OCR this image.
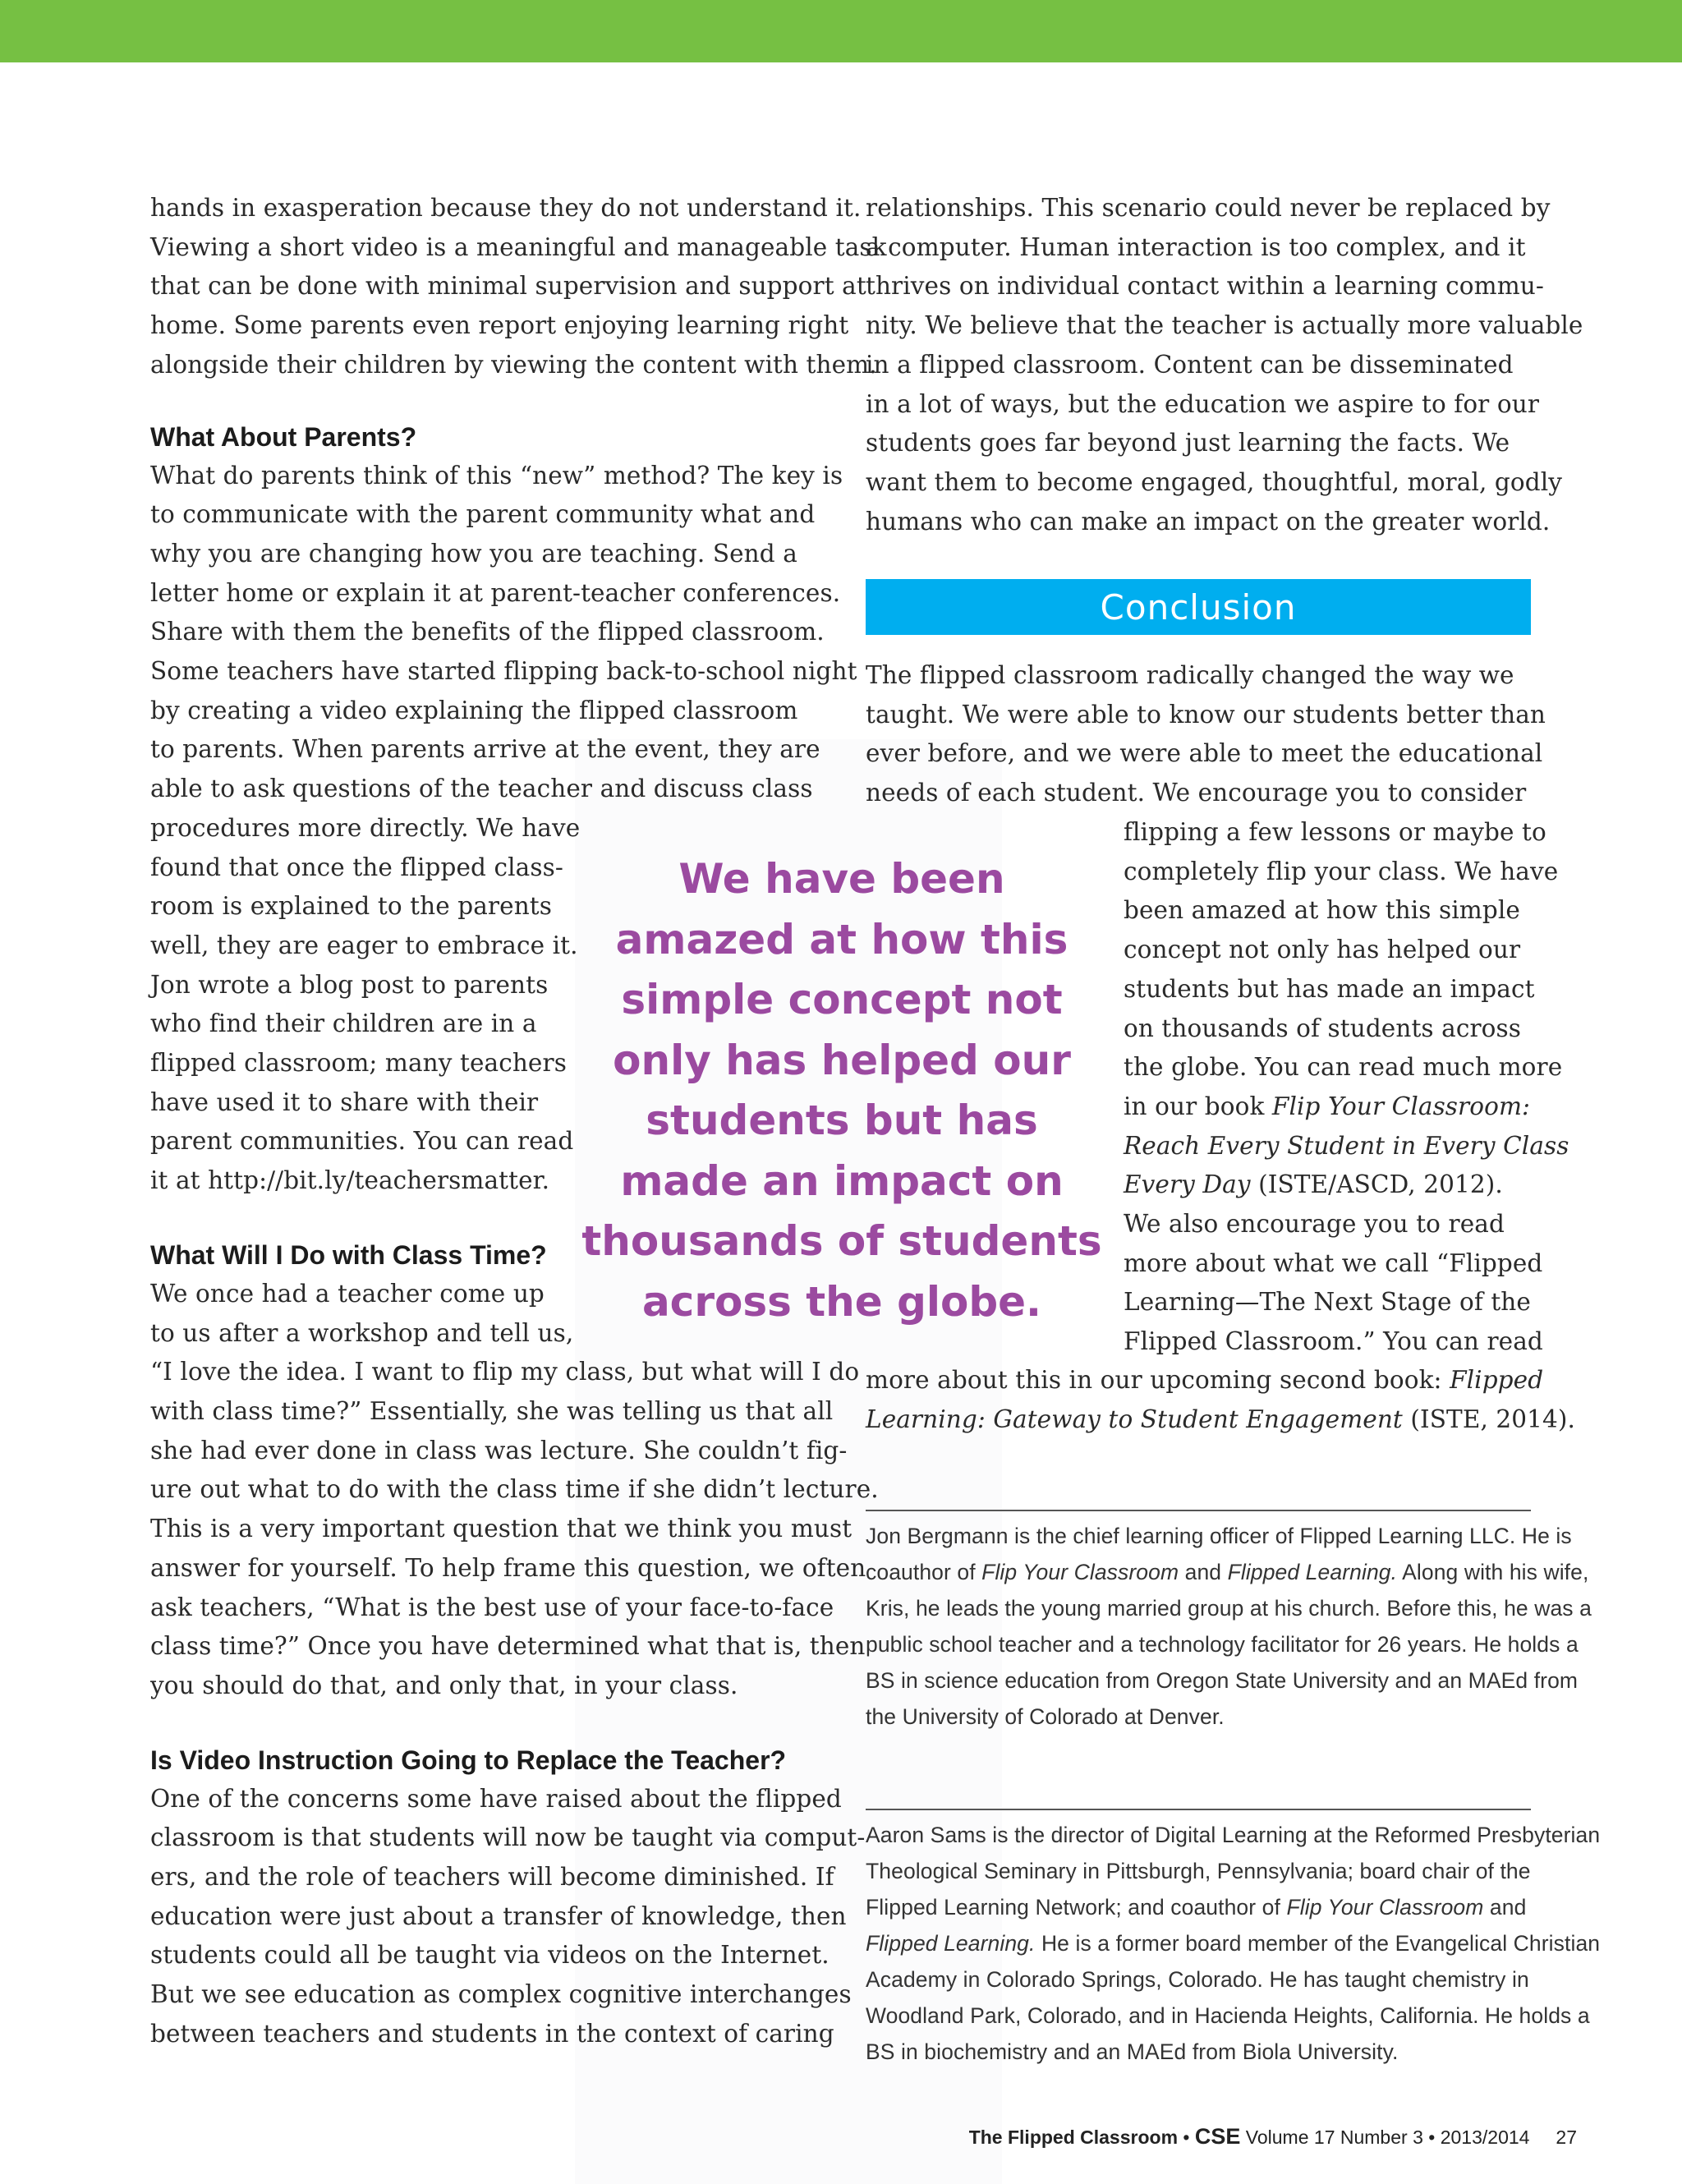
hands in exasperation because they do not understand it.

Viewing a short video is a meaningful and manageable task

that can be done with minimal supervision and support at

home. Some parents even report enjoying learning right

alongside their children by viewing the content with them.

What About Parents?

What do parents think of this “new” method? The key is

to communicate with the parent community what and

why you are changing how you are teaching. Send a

letter home or explain it at parent-teacher conferences.

Share with them the benefits of the flipped classroom.

Some teachers have started flipping back-to-school night

by creating a video explaining the flipped classroom

to parents. When parents arrive at the event, they are

able to ask questions of the teacher and discuss class

procedures more directly. We have

found that once the flipped class-

room is explained to the parents

well, they are eager to embrace it.

Jon wrote a blog post to parents

who find their children are in a

flipped classroom; many teachers

have used it to share with their

parent communities. You can read

it at http://bit.ly/teachersmatter.

What Will I Do with Class Time?

We once had a teacher come up

to us after a workshop and tell us,

“I love the idea. I want to flip my class, but what will I do

with class time?” Essentially, she was telling us that all

she had ever done in class was lecture. She couldn’t fig-

ure out what to do with the class time if she didn’t lecture.

This is a very important question that we think you must

answer for yourself. To help frame this question, we often

ask teachers, “What is the best use of your face-to-face

class time?” Once you have determined what that is, then

you should do that, and only that, in your class.

Is Video Instruction Going to Replace the Teacher?

One of the concerns some have raised about the flipped

classroom is that students will now be taught via comput-

ers, and the role of teachers will become diminished. If

education were just about a transfer of knowledge, then

students could all be taught via videos on the Internet.

But we see education as complex cognitive interchanges

between teachers and students in the context of caring

relationships. This scenario could never be replaced by

a computer. Human interaction is too complex, and it

thrives on individual contact within a learning commu-

nity. We believe that the teacher is actually more valuable

in a flipped classroom. Content can be disseminated

in a lot of ways, but the education we aspire to for our

students goes far beyond just learning the facts. We

want them to become engaged, thoughtful, moral, godly

humans who can make an impact on the greater world.

Conclusion

The flipped classroom radically changed the way we

taught. We were able to know our students better than

ever before, and we were able to meet the educational

needs of each student. We encourage you to consider

flipping a few lessons or maybe to

completely flip your class. We have

been amazed at how this simple

concept not only has helped our

students but has made an impact

on thousands of students across

the globe. You can read much more

in our book Flip Your Classroom:

Reach Every Student in Every Class

Every Day (ISTE/ASCD, 2012).

We also encourage you to read

more about what we call “Flipped

Learning—The Next Stage of the

Flipped Classroom.” You can read

more about this in our upcoming second book: Flipped

Learning: Gateway to Student Engagement (ISTE, 2014).

We have been
amazed at how this
simple concept not
only has helped our
students but has
made an impact on
thousands of students
across the globe.

Jon Bergmann is the chief learning officer of Flipped Learning LLC. He is

coauthor of Flip Your Classroom and Flipped Learning. Along with his wife,

Kris, he leads the young married group at his church. Before this, he was a

public school teacher and a technology facilitator for 26 years. He holds a

BS in science education from Oregon State University and an MAEd from

the University of Colorado at Denver.

Aaron Sams is the director of Digital Learning at the Reformed Presbyterian

Theological Seminary in Pittsburgh, Pennsylvania; board chair of the

Flipped Learning Network; and coauthor of Flip Your Classroom and

Flipped Learning. He is a former board member of the Evangelical Christian

Academy in Colorado Springs, Colorado. He has taught chemistry in

Woodland Park, Colorado, and in Hacienda Heights, California. He holds a

BS in biochemistry and an MAEd from Biola University.

The Flipped Classroom • CSE Volume 17 Number 3 • 2013/2014 27
